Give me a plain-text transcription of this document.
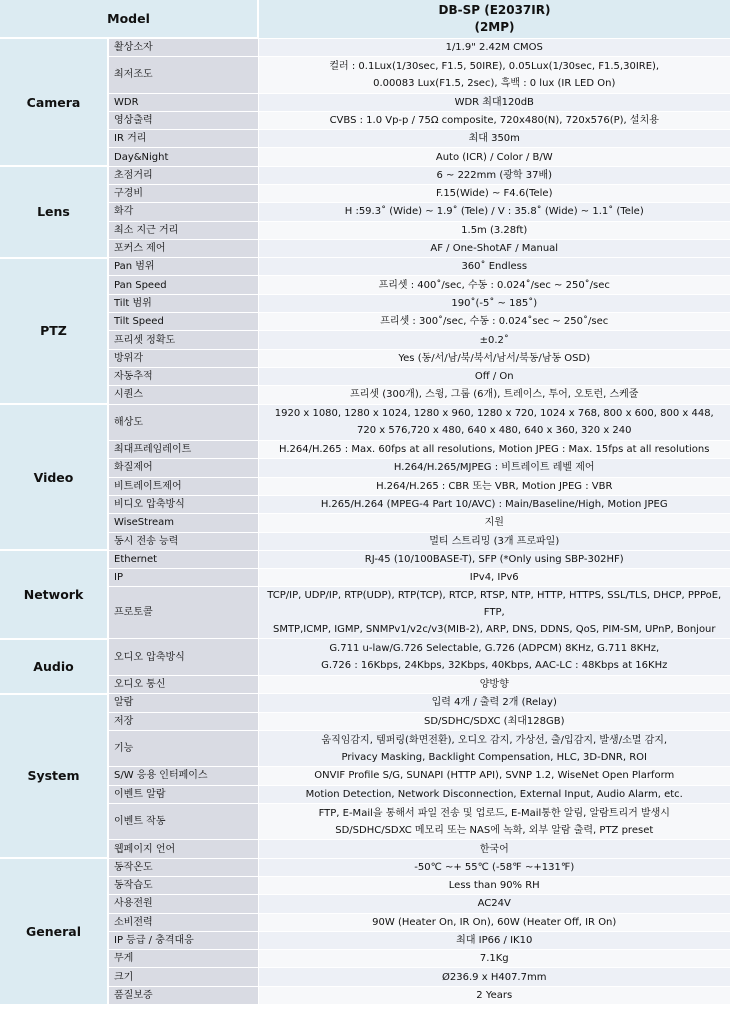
Model		DB-SP (E2037IR)
(2MP)

Camera	촬상소자	1/1.9" 2.42M CMOS

	최저조도	컬러 : 0.1Lux(1/30sec, F1.5, 50IRE), 0.05Lux(1/30sec, F1.5,30IRE),
0.00083 Lux(F1.5, 2sec), 흑백 : 0 lux (IR LED On)

	WDR	WDR 최대120dB

	영상출력	CVBS : 1.0 Vp-p / 75Ω composite, 720x480(N), 720x576(P), 설치용

	IR 거리	최대 350m

	Day&Night	Auto (ICR) / Color / B/W

Lens	초점거리	6 ~ 222mm (광학 37배)

	구경비	F.15(Wide) ~ F4.6(Tele)

	화각	H :59.3˚ (Wide) ~ 1.9˚ (Tele) / V : 35.8˚ (Wide) ~ 1.1˚ (Tele)

	최소 지근 거리	1.5m (3.28ft)

	포커스 제어	AF / One-ShotAF / Manual

PTZ	Pan 범위	360˚ Endless

	Pan Speed	프리셋 : 400˚/sec, 수동 : 0.024˚/sec ~ 250˚/sec

	Tilt 범위	190˚(-5˚ ~ 185˚)

	Tilt Speed	프리셋 : 300˚/sec, 수동 : 0.024˚sec ~ 250˚/sec

	프리셋 정확도	±0.2˚

	방위각	Yes (동/서/남/북/북서/남서/북동/남동 OSD)

	자동추적	Off / On

	시퀀스	프리셋 (300개), 스윙, 그룹 (6개), 트레이스, 투어, 오토런, 스케줄

Video	해상도	1920 x 1080, 1280 x 1024, 1280 x 960, 1280 x 720, 1024 x 768, 800 x 600, 800 x 448,
720 x 576,720 x 480, 640 x 480, 640 x 360, 320 x 240

	최대프레임레이트	H.264/H.265 : Max. 60fps at all resolutions, Motion JPEG : Max. 15fps at all resolutions

	화질제어	H.264/H.265/MJPEG : 비트레이트 레벨 제어

	비트레이트제어	H.264/H.265 : CBR 또는 VBR, Motion JPEG : VBR

	비디오 압축방식	H.265/H.264 (MPEG-4 Part 10/AVC) : Main/Baseline/High, Motion JPEG

	WiseStream	지원

	동시 전송 능력	멀티 스트리밍 (3개 프로파일)

Network	Ethernet	RJ-45 (10/100BASE-T), SFP (*Only using SBP-302HF)

	IP	IPv4, IPv6

	프로토콜	TCP/IP, UDP/IP, RTP(UDP), RTP(TCP), RTCP, RTSP, NTP, HTTP, HTTPS, SSL/TLS, DHCP, PPPoE, FTP,
SMTP,ICMP, IGMP, SNMPv1/v2c/v3(MIB-2), ARP, DNS, DDNS, QoS, PIM-SM, UPnP, Bonjour

Audio	오디오 압축방식	G.711 u-law/G.726 Selectable, G.726 (ADPCM) 8KHz, G.711 8KHz,
G.726 : 16Kbps, 24Kbps, 32Kbps, 40Kbps, AAC-LC : 48Kbps at 16KHz

	오디오 통신	양방향

System	알람	입력 4개 / 출력 2개 (Relay)

	저장	SD/SDHC/SDXC (최대128GB)

	기능	움직임감지, 템퍼링(화면전환), 오디오 감지, 가상선, 출/입감지, 발생/소멸 감지,
Privacy Masking, Backlight Compensation, HLC, 3D-DNR, ROI

	S/W 응용 인터페이스	ONVIF Profile S/G, SUNAPI (HTTP API), SVNP 1.2, WiseNet Open Plarform

	이벤트 알람	Motion Detection, Network Disconnection, External Input, Audio Alarm, etc.

	이벤트 작동	FTP, E-Mail을 통해서 파일 전송 및 업로드, E-Mail통한 알림, 알람트리거 발생시
SD/SDHC/SDXC 메모리 또는 NAS에 녹화, 외부 알람 출력, PTZ preset

	웹페이지 언어	한국어

General	동작온도	-50℃ ~+ 55℃ (-58℉ ~+131℉)

	동작습도	Less than 90% RH

	사용전원	AC24V

	소비전력	90W (Heater On, IR On), 60W (Heater Off, IR On)

	IP 등급 / 충격대응	최대 IP66 / IK10

	무게	7.1Kg

	크기	Ø236.9 x H407.7mm

	품질보증	2 Years
